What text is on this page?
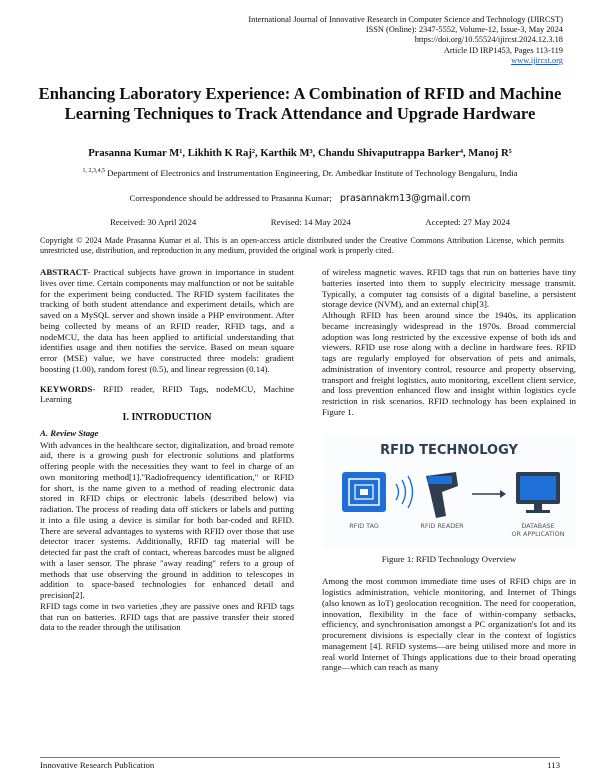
International Journal of Innovative Research in Computer Science and Technology (IJIRCST)
ISSN (Online): 2347-5552, Volume-12, Issue-3, May 2024
https://doi.org/10.55524/ijircst.2024.12.3.18
Article ID IRP1453, Pages 113-119
www.ijircst.org
Enhancing Laboratory Experience: A Combination of RFID and Machine Learning Techniques to Track Attendance and Upgrade Hardware
Prasanna Kumar M¹, Likhith K Raj², Karthik M³, Chandu Shivaputrappa Barker⁴, Manoj R⁵
$^{1, 2,3,4,5}$ Department of Electronics and Instrumentation Engineering, Dr. Ambedkar Institute of Technology Bengaluru, India
Correspondence should be addressed to Prasanna Kumar; prasannakm13@gmail.com
Received: 30 April 2024	Revised: 14 May 2024	Accepted: 27 May 2024
Copyright © 2024 Made Prasanna Kumar et al. This is an open-access article distributed under the Creative Commons Attribution License, which permits unrestricted use, distribution, and reproduction in any medium, provided the original work is properly cited.

ABSTRACT- Practical subjects have grown in importance in student lives over time. Certain components may malfunction or not be suitable for the experiment being conducted. The RFID system facilitates the tracking of both student attendance and experiment details, which are saved on a MySQL server and shown inside a PHP environment. After being collected by means of an RFID reader, RFID tags, and a nodeMCU, the data has been applied to artificial understanding that identifies usage and then notifies the service. Based on mean square error (MSE) value, we have constructed three models: gradient boosting (1.00), random forest (0.5), and linear regression (0.14).

KEYWORDS- RFID reader, RFID Tags, nodeMCU, Machine Learning

I. INTRODUCTION
A. Review Stage

With advances in the healthcare sector, digitalization, and broad remote aid, there is a growing push for electronic solutions and platforms offering people with the necessities they want to feel in charge of an own monitoring method[1]."Radiofrequency identification," or RFID for short, is the name given to a method of reading electronic data stored in RFID chips or electronic labels (described below) via radiation. The process of reading data off stickers or labels and putting it into a file using a device is similar for both bar-coded and RFID. There are several advantages to systems with RFID over those that use detector tracer systems. Additionally, RFID tag material will be detected far past the craft of contact, whereas barcodes must be aligned with a laser sensor. The phrase "away reading" refers to a group of methods that use observing the ground in addition to telescopes in addition to space-based technologies for enhanced detail and precision[2].

RFID tags come in two varieties ,they are passive ones and RFID tags that run on batteries. RFID tags that are passive transfer their stored data to the reader through the utilisation

of wireless magnetic waves. RFID tags that run on batteries have tiny batteries inserted into them to supply electricity message transmit. Typically, a computer tag consists of a digital baseline, a persistent storage device (NVM), and an external chip[3].

Although RFID has been around since the 1940s, its application became increasingly widespread in the 1970s. Broad commercial adoption was long restricted by the excessive expense of both ids and viewers. RFID use rose along with a decline in hardware fees. RFID tags are regularly employed for observation of pets and animals, administration of inventory control, resource and property observing, transport and freight logistics, auto monitoring, excellent client service, and loss prevention enhanced flow and insight within logistics cycle restriction in risk scenarios. RFID technology has been explained in Figure 1.

RFID TECHNOLOGY
RFID TAG	RFID READER	DATABASE
OR APPLICATION
Figure 1: RFID Technology Overview

Among the most common immediate time uses of RFID chips are in logistics administration, vehicle monitoring, and Internet of Things (also known as IoT) geolocation recognition. The need for cooperation, innovation, flexibility in the face of within-company setbacks, efficiency, and synchronisation amongst a PC organization's Iot and its procurement divisions is especially clear in the context of logistics management [4]. RFID systems—are being utilised more and more in real world Internet of Things applications due to their broad operating range—which can reach as many

Innovative Research Publication	113
